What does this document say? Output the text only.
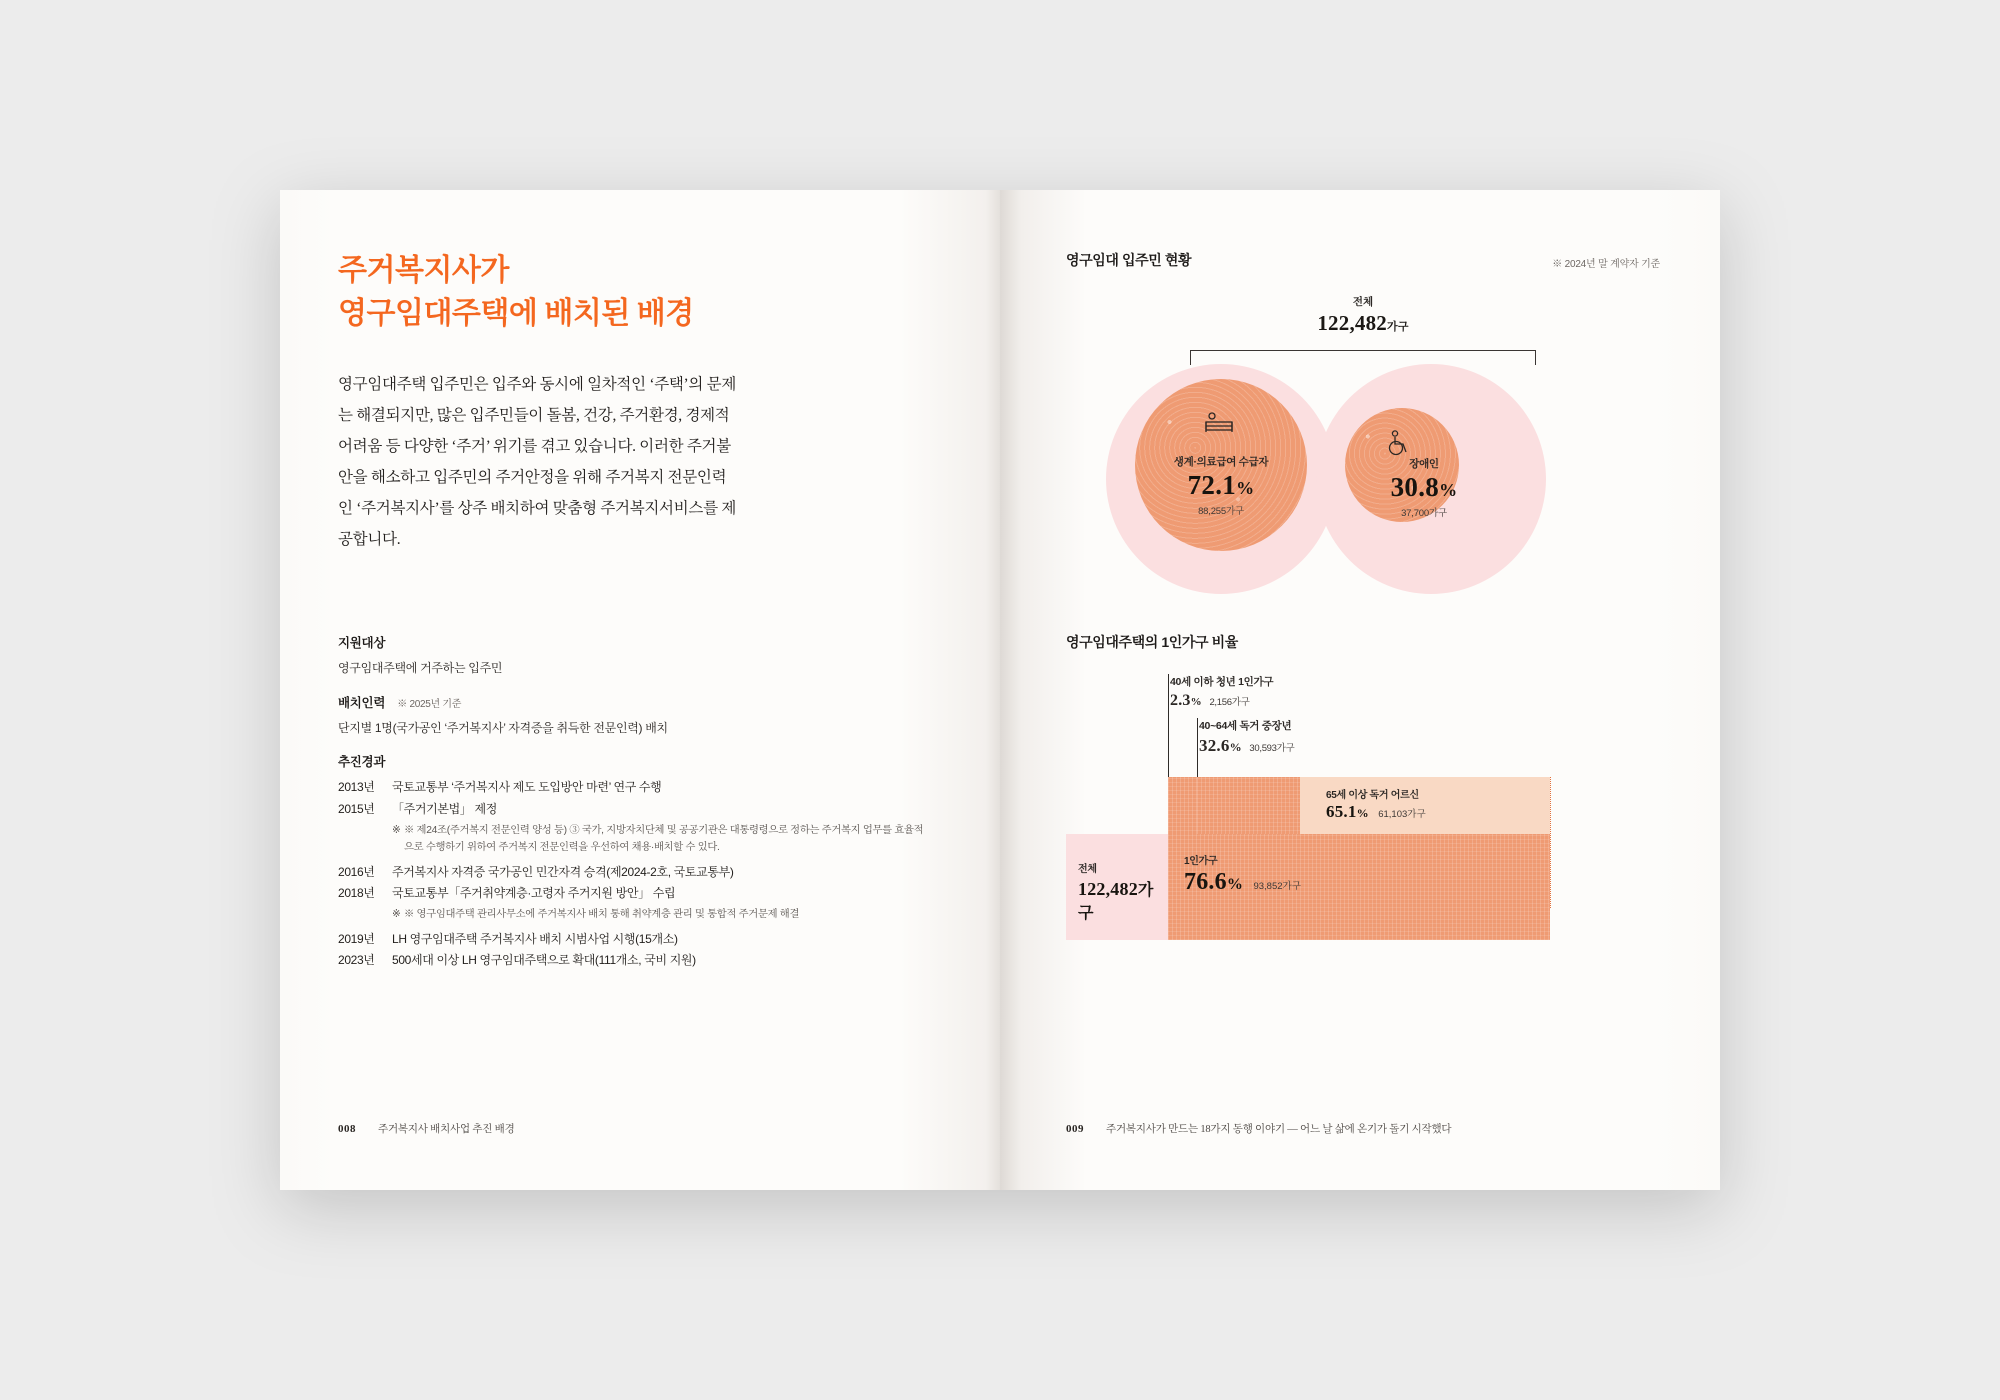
주거복지사가
영구임대주택에 배치된 배경

영구임대주택 입주민은 입주와 동시에 일차적인 ‘주택’의 문제는 해결되지만, 많은 입주민들이 돌봄, 건강, 주거환경, 경제적 어려움 등 다양한 ‘주거’ 위기를 겪고 있습니다. 이러한 주거불안을 해소하고 입주민의 주거안정을 위해 주거복지 전문인력인 ‘주거복지사’를 상주 배치하여 맞춤형 주거복지서비스를 제공합니다.

지원대상
영구임대주택에 거주하는 입주민
배치인력 ※ 2025년 기준
단지별 1명(국가공인 ‘주거복지사’ 자격증을 취득한 전문인력) 배치
추진경과
2013년	국토교통부 ‘주거복지사 제도 도입방안 마련’ 연구 수행
2015년	「주거기본법」 제정
※ ※ 제24조(주거복지 전문인력 양성 등) ③ 국가, 지방자치단체 및 공공기관은 대통령령으로 정하는 주거복지 업무를 효율적으로 수행하기 위하여 주거복지 전문인력을 우선하여 채용·배치할 수 있다.
2016년	주거복지사 자격증 국가공인 민간자격 승격(제2024-2호, 국토교통부)
2018년	국토교통부「주거취약계층·고령자 주거지원 방안」 수립
※ ※ 영구임대주택 관리사무소에 주거복지사 배치 통해 취약계층 관리 및 통합적 주거문제 해결
2019년	LH 영구임대주택 주거복지사 배치 시범사업 시행(15개소)
2023년	500세대 이상 LH 영구임대주택으로 확대(111개소, 국비 지원)
008 주거복지사 배치사업 추진 배경
영구임대 입주민 현황	※ 2024년 말 계약자 기준
전체
122,482가구
생계·의료급여 수급자
72.1%
88,255가구
장애인
30.8%
37,700가구
영구임대주택의 1인가구 비율
40세 이하 청년 1인가구
2.3% 2,156가구
40~64세 독거 중장년
32.6% 30,593가구
65세 이상 독거 어르신
65.1% 61,103가구
전체
122,482가구
1인가구
76.6% 93,852가구
009 주거복지사가 만드는 18가지 동행 이야기 — 어느 날 삶에 온기가 돌기 시작했다
